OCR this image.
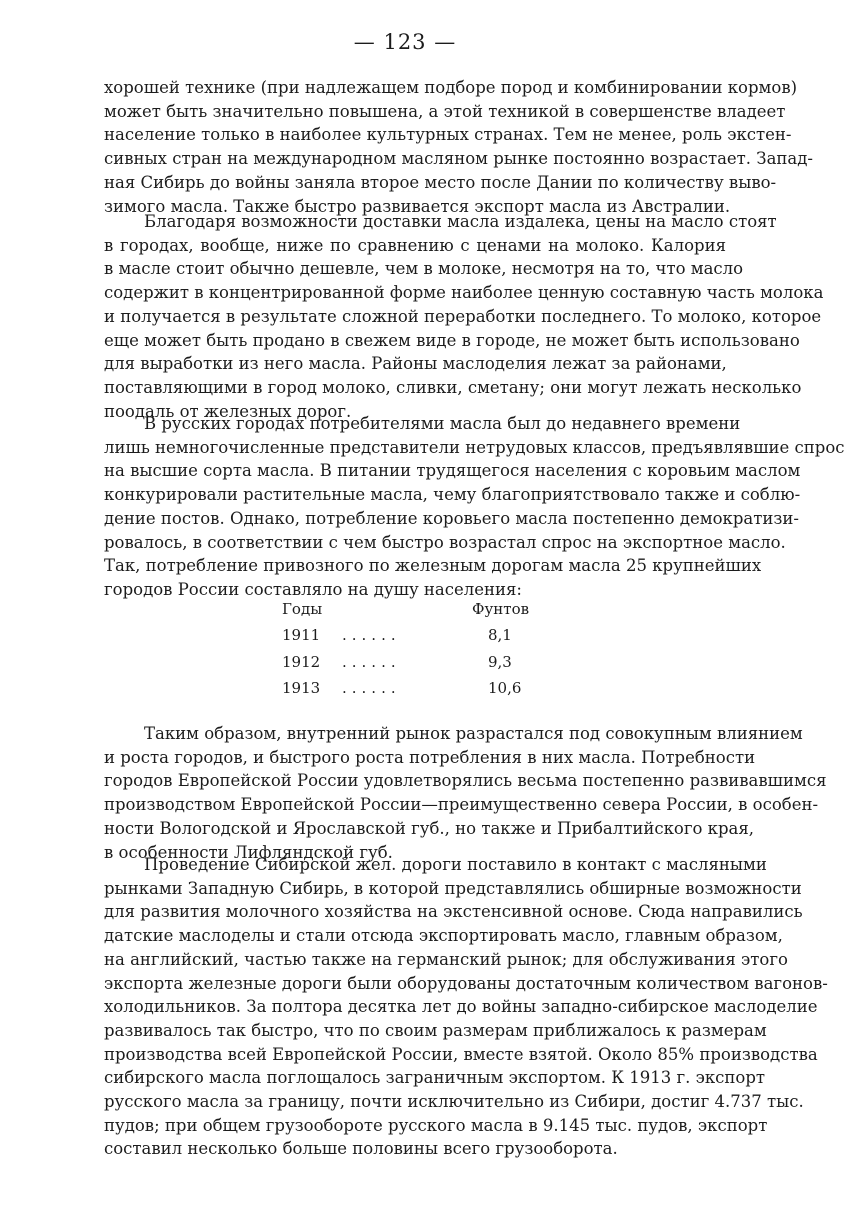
— 123 —
хорошей технике (при надлежащем подборе пород и комбинировании кормов)
может быть значительно повышена, а этой техникой в совершенстве владеет
население только в наиболее культурных странах. Тем не менее, роль экстен-
сивных стран на международном масляном рынке постоянно возрастает. Запад-
ная Сибирь до войны заняла второе место после Дании по количеству выво-
зимого масла. Также быстро развивается экспорт масла из Австралии.
Благодаря возможности доставки масла издалека, цены на масло стоят
в городах, вообще, ниже по сравнению с ценами на молоко. Калория
в масле стоит обычно дешевле, чем в молоке, несмотря на то, что масло
содержит в концентрированной форме наиболее ценную составную часть молока
и получается в результате сложной переработки последнего. То молоко, которое
еще может быть продано в свежем виде в городе, не может быть использовано
для выработки из него масла. Районы маслоделия лежат за районами,
поставляющими в город молоко, сливки, сметану; они могут лежать несколько
поодаль от железных дорог.
В русских городах потребителями масла был до недавнего времени
лишь немногочисленные представители нетрудовых классов, предъявлявшие спрос
на высшие сорта масла. В питании трудящегося населения с коровьим маслом
конкурировали растительные масла, чему благоприятствовало также и соблю-
дение постов. Однако, потребление коровьего масла постепенно демократизи-
ровалось, в соответствии с чем быстро возрастал спрос на экспортное масло.
Так, потребление привозного по железным дорогам масла 25 крупнейших
городов России составляло на душу населения:
Годы	Фунтов
1911 ......	8,1
1912 ......	9,3
1913 ......	10,6
Таким образом, внутренний рынок разрастался под совокупным влиянием
и роста городов, и быстрого роста потребления в них масла. Потребности
городов Европейской России удовлетворялись весьма постепенно развивавшимся
производством Европейской России—преимущественно севера России, в особен-
ности Вологодской и Ярославской губ., но также и Прибалтийского края,
в особенности Лифляндской губ.
Проведение Сибирской жел. дороги поставило в контакт с масляными
рынками Западную Сибирь, в которой представлялись обширные возможности
для развития молочного хозяйства на экстенсивной основе. Сюда направились
датские маслоделы и стали отсюда экспортировать масло, главным образом,
на английский, частью также на германский рынок; для обслуживания этого
экспорта железные дороги были оборудованы достаточным количеством вагонов-
холодильников. За полтора десятка лет до войны западно-сибирское маслоделие
развивалось так быстро, что по своим размерам приближалось к размерам
производства всей Европейской России, вместе взятой. Около 85% производства
сибирского масла поглощалось заграничным экспортом. К 1913 г. экспорт
русского масла за границу, почти исключительно из Сибири, достиг 4.737 тыс.
пудов; при общем грузообороте русского масла в 9.145 тыс. пудов, экспорт
составил несколько больше половины всего грузооборота.
